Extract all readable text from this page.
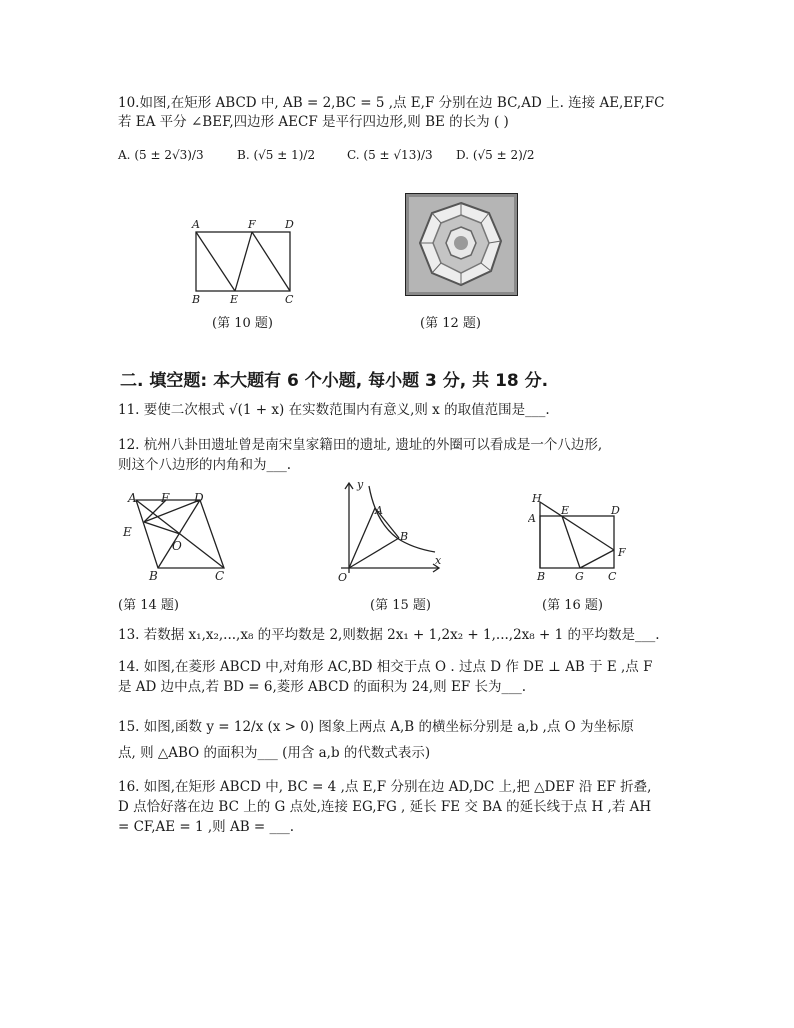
10.如图,在矩形 ABCD 中, AB = 2,BC = 5 ,点 E,F 分别在边 BC,AD 上. 连接 AE,EF,FC
若 EA 平分 ∠BEF,四边形 AECF 是平行四边形,则 BE 的长为 ( )
A. (5 ± 2√3)/3	B. (√5 ± 1)/2	C. (5 ± √13)/3 D. (√5 ± 2)/2
A	F	D
B	E	C
(第 10 题)	(第 12 题)
二. 填空题: 本大题有 6 个小题, 每小题 3 分, 共 18 分.
11. 要使二次根式 √(1 + x) 在实数范围内有意义,则 x 的取值范围是___.
12. 杭州八卦田遗址曾是南宋皇家籍田的遗址, 遗址的外圈可以看成是一个八边形,
则这个八边形的内角和为___.
A F D
E
O
B	C
(第 14 题)
y
A
B
x
O
(第 15 题)
H
A
E	D
F
B	G C
(第 16 题)
13. 若数据 x₁,x₂,...,x₈ 的平均数是 2,则数据 2x₁ + 1,2x₂ + 1,...,2x₈ + 1 的平均数是___.
14. 如图,在菱形 ABCD 中,对角形 AC,BD 相交于点 O . 过点 D 作 DE ⊥ AB 于 E ,点 F
是 AD 边中点,若 BD = 6,菱形 ABCD 的面积为 24,则 EF 长为___.
15. 如图,函数 y = 12/x (x > 0) 图象上两点 A,B 的横坐标分别是 a,b ,点 O 为坐标原
点, 则 △ABO 的面积为___ (用含 a,b 的代数式表示)
16. 如图,在矩形 ABCD 中, BC = 4 ,点 E,F 分别在边 AD,DC 上,把 △DEF 沿 EF 折叠,
D 点恰好落在边 BC 上的 G 点处,连接 EG,FG , 延长 FE 交 BA 的延长线于点 H ,若 AH
= CF,AE = 1 ,则 AB = ___.
